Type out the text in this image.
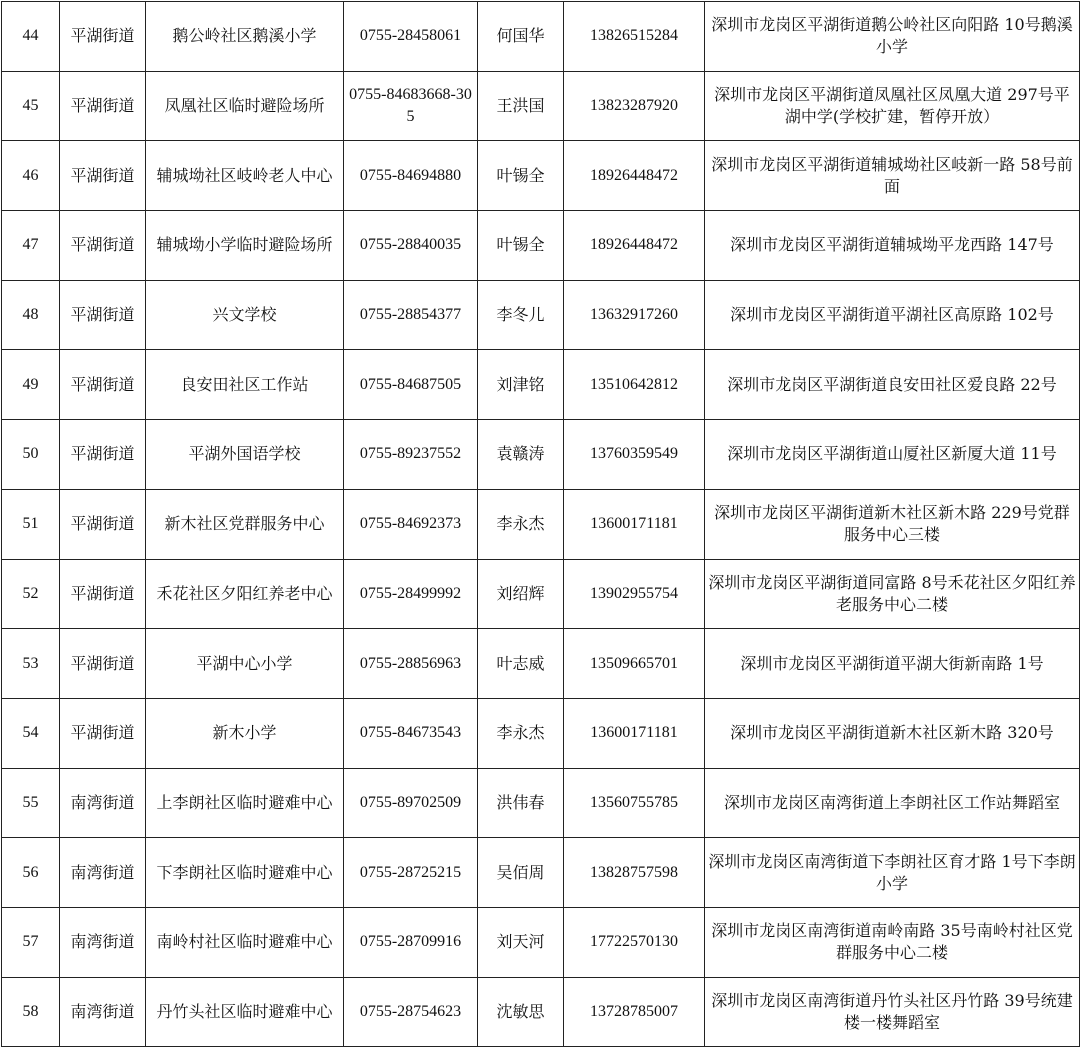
44	平湖街道	鹅公岭社区鹅溪小学	0755-28458061	何国华	13826515284	深圳市龙岗区平湖街道鹅公岭社区向阳路 10号鹅溪小学
45	平湖街道	凤凰社区临时避险场所	0755-84683668-305	王洪国	13823287920	深圳市龙岗区平湖街道凤凰社区凤凰大道 297号平湖中学(学校扩建，暂停开放）
46	平湖街道	辅城坳社区岐岭老人中心	0755-84694880	叶锡全	18926448472	深圳市龙岗区平湖街道辅城坳社区岐新一路 58号前面
47	平湖街道	辅城坳小学临时避险场所	0755-28840035	叶锡全	18926448472	深圳市龙岗区平湖街道辅城坳平龙西路 147号
48	平湖街道	兴文学校	0755-28854377	李冬儿	13632917260	深圳市龙岗区平湖街道平湖社区高原路 102号
49	平湖街道	良安田社区工作站	0755-84687505	刘津铭	13510642812	深圳市龙岗区平湖街道良安田社区爱良路 22号
50	平湖街道	平湖外国语学校	0755-89237552	袁赣涛	13760359549	深圳市龙岗区平湖街道山厦社区新厦大道 11号
51	平湖街道	新木社区党群服务中心	0755-84692373	李永杰	13600171181	深圳市龙岗区平湖街道新木社区新木路 229号党群服务中心三楼
52	平湖街道	禾花社区夕阳红养老中心	0755-28499992	刘绍辉	13902955754	深圳市龙岗区平湖街道同富路 8号禾花社区夕阳红养老服务中心二楼
53	平湖街道	平湖中心小学	0755-28856963	叶志威	13509665701	深圳市龙岗区平湖街道平湖大街新南路 1号
54	平湖街道	新木小学	0755-84673543	李永杰	13600171181	深圳市龙岗区平湖街道新木社区新木路 320号
55	南湾街道	上李朗社区临时避难中心	0755-89702509	洪伟春	13560755785	深圳市龙岗区南湾街道上李朗社区工作站舞蹈室
56	南湾街道	下李朗社区临时避难中心	0755-28725215	吴佰周	13828757598	深圳市龙岗区南湾街道下李朗社区育才路 1号下李朗小学
57	南湾街道	南岭村社区临时避难中心	0755-28709916	刘天河	17722570130	深圳市龙岗区南湾街道南岭南路 35号南岭村社区党群服务中心二楼
58	南湾街道	丹竹头社区临时避难中心	0755-28754623	沈敏思	13728785007	深圳市龙岗区南湾街道丹竹头社区丹竹路 39号统建楼一楼舞蹈室
